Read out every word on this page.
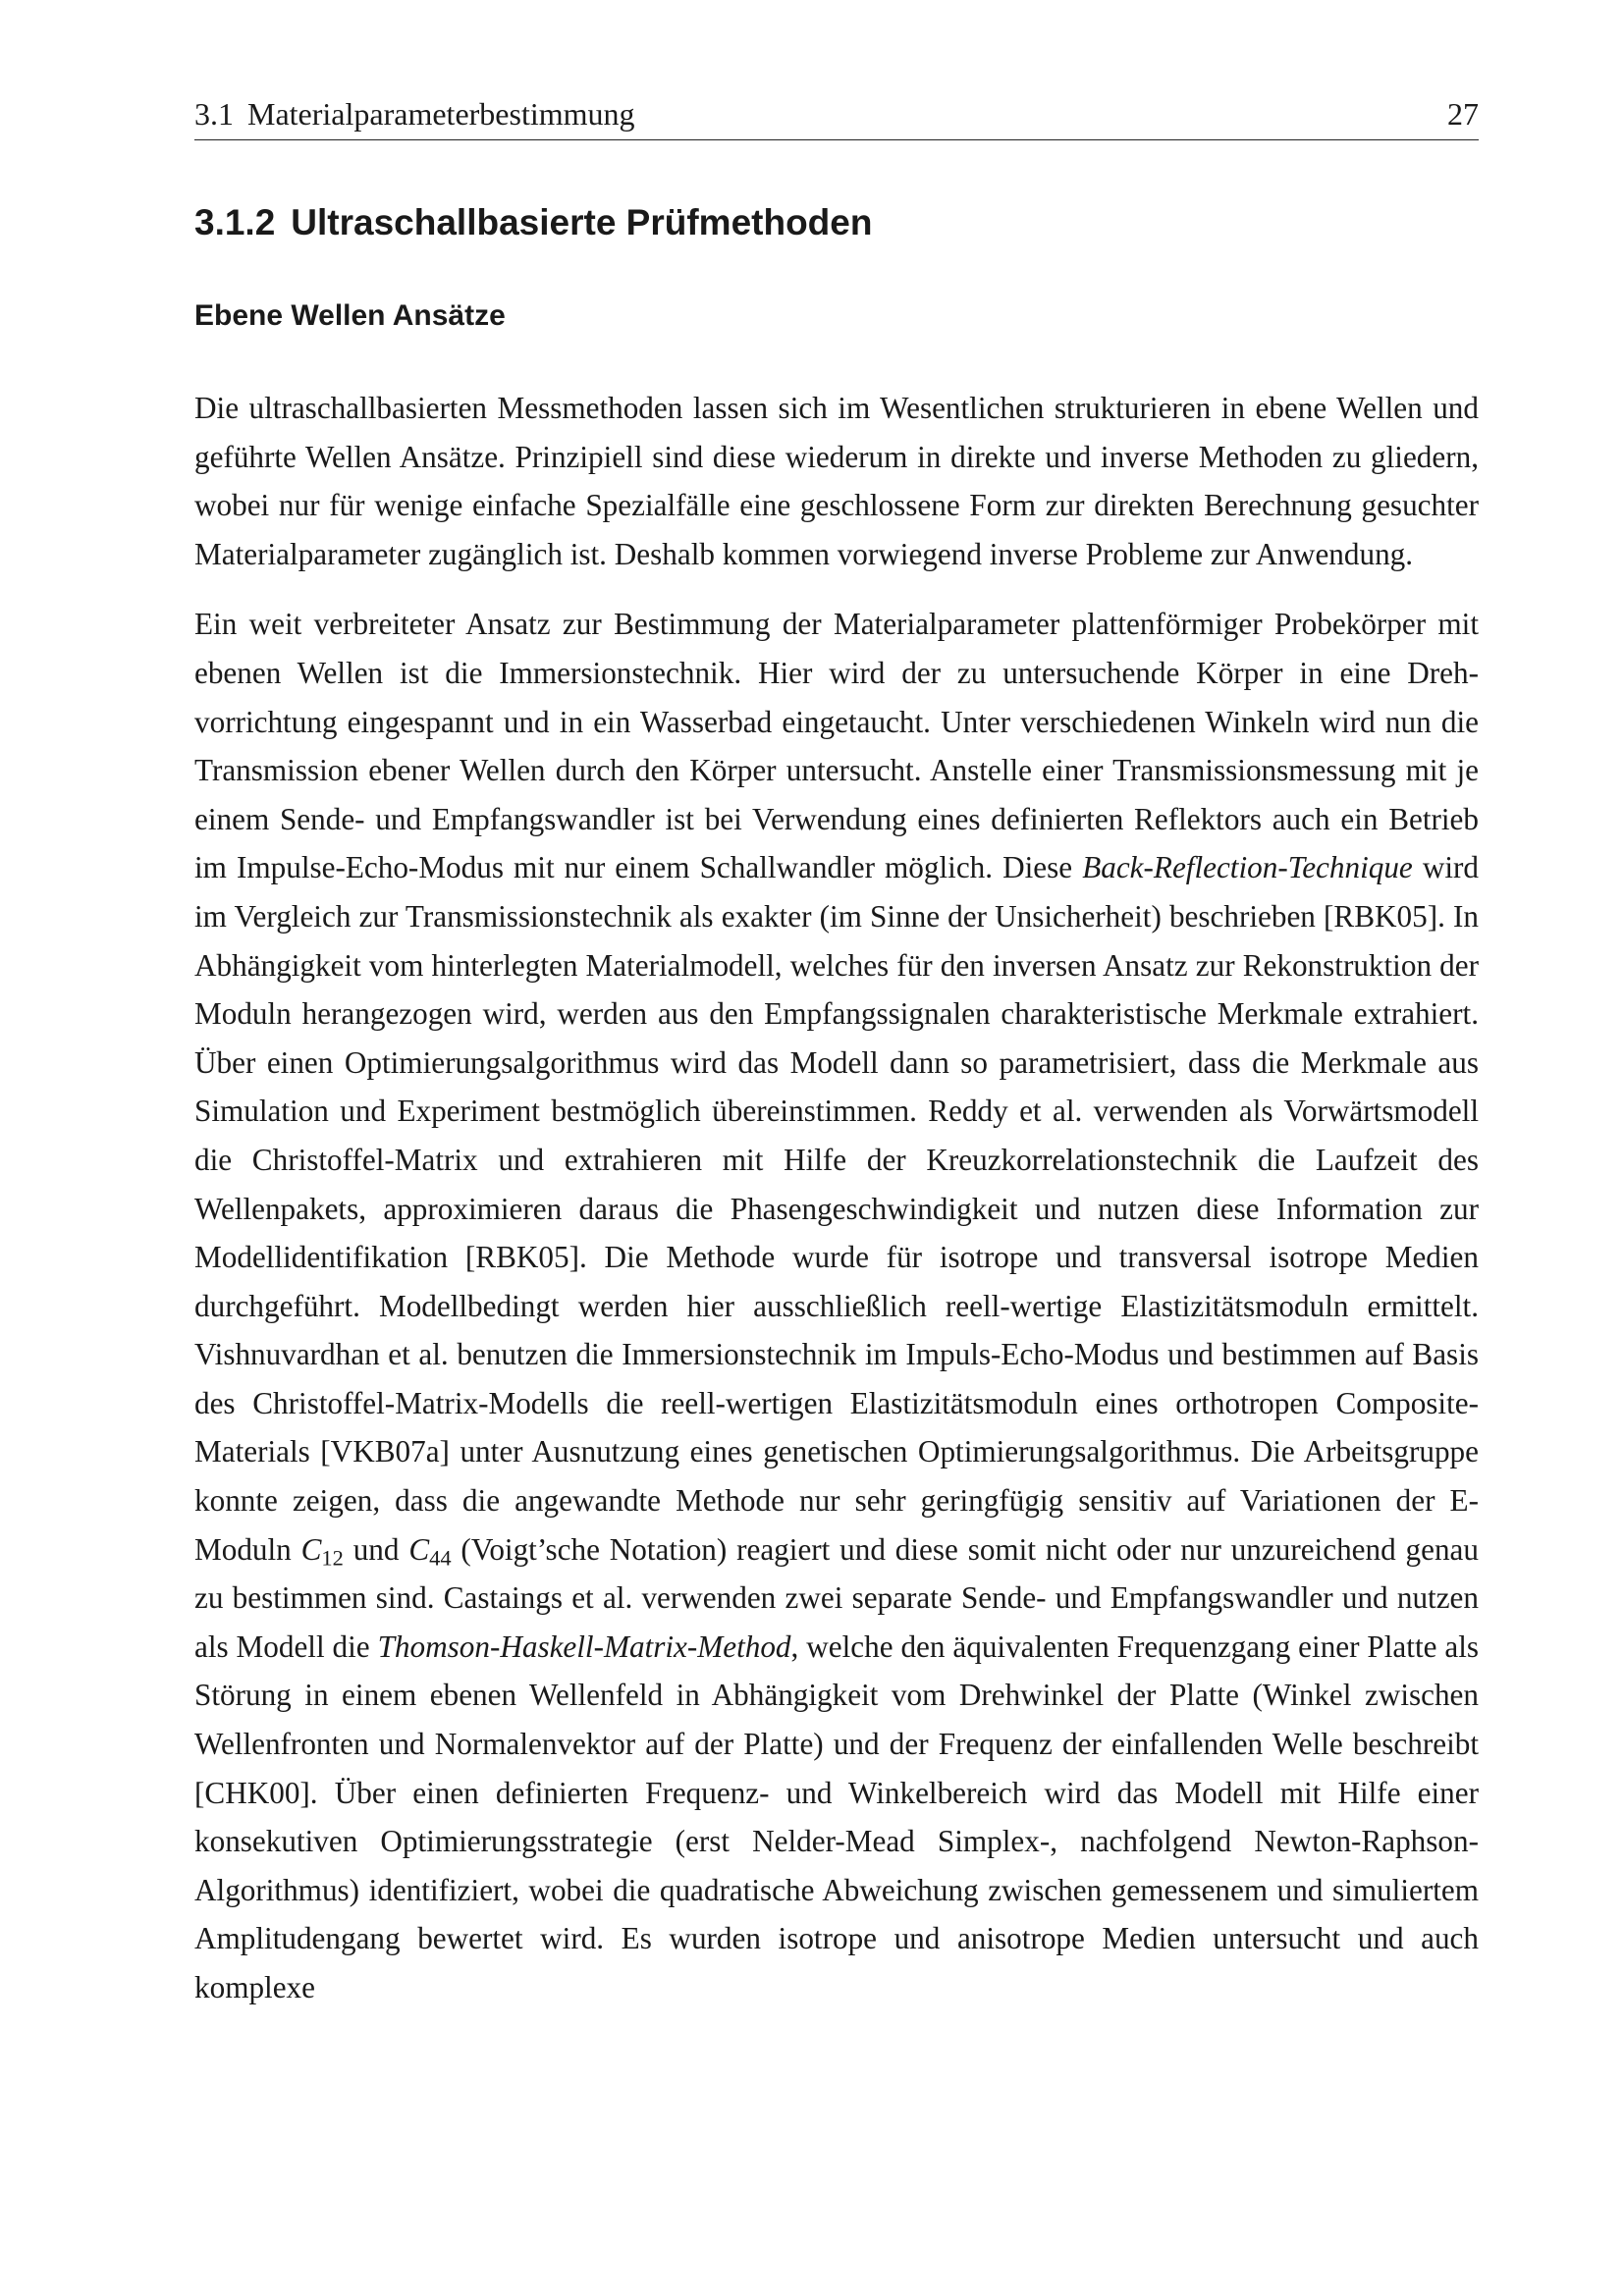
3.1 Materialparameterbestimmung	27
3.1.2 Ultraschallbasierte Prüfmethoden
Ebene Wellen Ansätze

Die ultraschallbasierten Messmethoden lassen sich im Wesentlichen strukturieren in ebene Wellen und geführte Wellen Ansätze. Prinzipiell sind diese wiederum in direkte und inverse Methoden zu gliedern, wobei nur für wenige einfache Spezialfälle eine geschlossene Form zur direkten Berechnung gesuchter Materialparameter zugänglich ist. Deshalb kommen vorwiegend inverse Probleme zur Anwendung.

Ein weit verbreiteter Ansatz zur Bestimmung der Materialparameter plattenförmiger Probekörper mit ebenen Wellen ist die Immersionstechnik. Hier wird der zu untersuchende Körper in eine Drehvorrichtung eingespannt und in ein Wasserbad eingetaucht. Unter verschiedenen Winkeln wird nun die Transmission ebener Wellen durch den Körper untersucht. Anstelle einer Transmissionsmessung mit je einem Sende- und Empfangswandler ist bei Verwendung eines definierten Reflektors auch ein Betrieb im Impulse-Echo-Modus mit nur einem Schallwandler möglich. Diese Back-Reflection-Technique wird im Vergleich zur Transmissionstechnik als exakter (im Sinne der Unsicherheit) beschrieben [RBK05]. In Abhängigkeit vom hinterlegten Materialmodell, welches für den inversen Ansatz zur Rekonstruktion der Moduln herangezogen wird, werden aus den Empfangssignalen charakteristische Merkmale extrahiert. Über einen Optimierungsalgorithmus wird das Modell dann so parametrisiert, dass die Merkmale aus Simulation und Experiment bestmöglich übereinstimmen. Reddy et al. verwenden als Vorwärtsmodell die Christoffel-Matrix und extrahieren mit Hilfe der Kreuzkorrelationstechnik die Laufzeit des Wellenpakets, approximieren daraus die Phasengeschwindigkeit und nutzen diese Information zur Modellidentifikation [RBK05]. Die Methode wurde für isotrope und transversal isotrope Medien durchgeführt. Modellbedingt werden hier ausschließlich reell-wertige Elastizitätsmoduln ermittelt. Vishnuvardhan et al. benutzen die Immersionstechnik im Impuls-Echo-Modus und bestimmen auf Basis des Christoffel-Matrix-Modells die reell-wertigen Elastizitätsmoduln eines orthotropen Composite-Materials [VKB07a] unter Ausnutzung eines genetischen Optimierungsalgorithmus. Die Arbeitsgruppe konnte zeigen, dass die angewandte Methode nur sehr geringfügig sensitiv auf Variationen der E-Moduln $C_{12}$ und $C_{44}$ (Voigt’sche Notation) reagiert und diese somit nicht oder nur unzureichend genau zu bestimmen sind. Castaings et al. verwenden zwei separate Sende- und Empfangswandler und nutzen als Modell die Thomson-Haskell-Matrix-Method, welche den äquivalenten Frequenzgang einer Platte als Störung in einem ebenen Wellenfeld in Abhängigkeit vom Drehwinkel der Platte (Winkel zwischen Wellenfronten und Normalenvektor auf der Platte) und der Frequenz der einfallenden Welle beschreibt [CHK00]. Über einen definierten Frequenz- und Winkelbereich wird das Modell mit Hilfe einer konsekutiven Optimierungsstrategie (erst Nelder-Mead Simplex-, nachfolgend Newton-Raphson-Algorithmus) identifiziert, wobei die quadratische Abweichung zwischen gemessenem und simuliertem Amplitudengang bewertet wird. Es wurden isotrope und anisotrope Medien untersucht und auch komplexe
